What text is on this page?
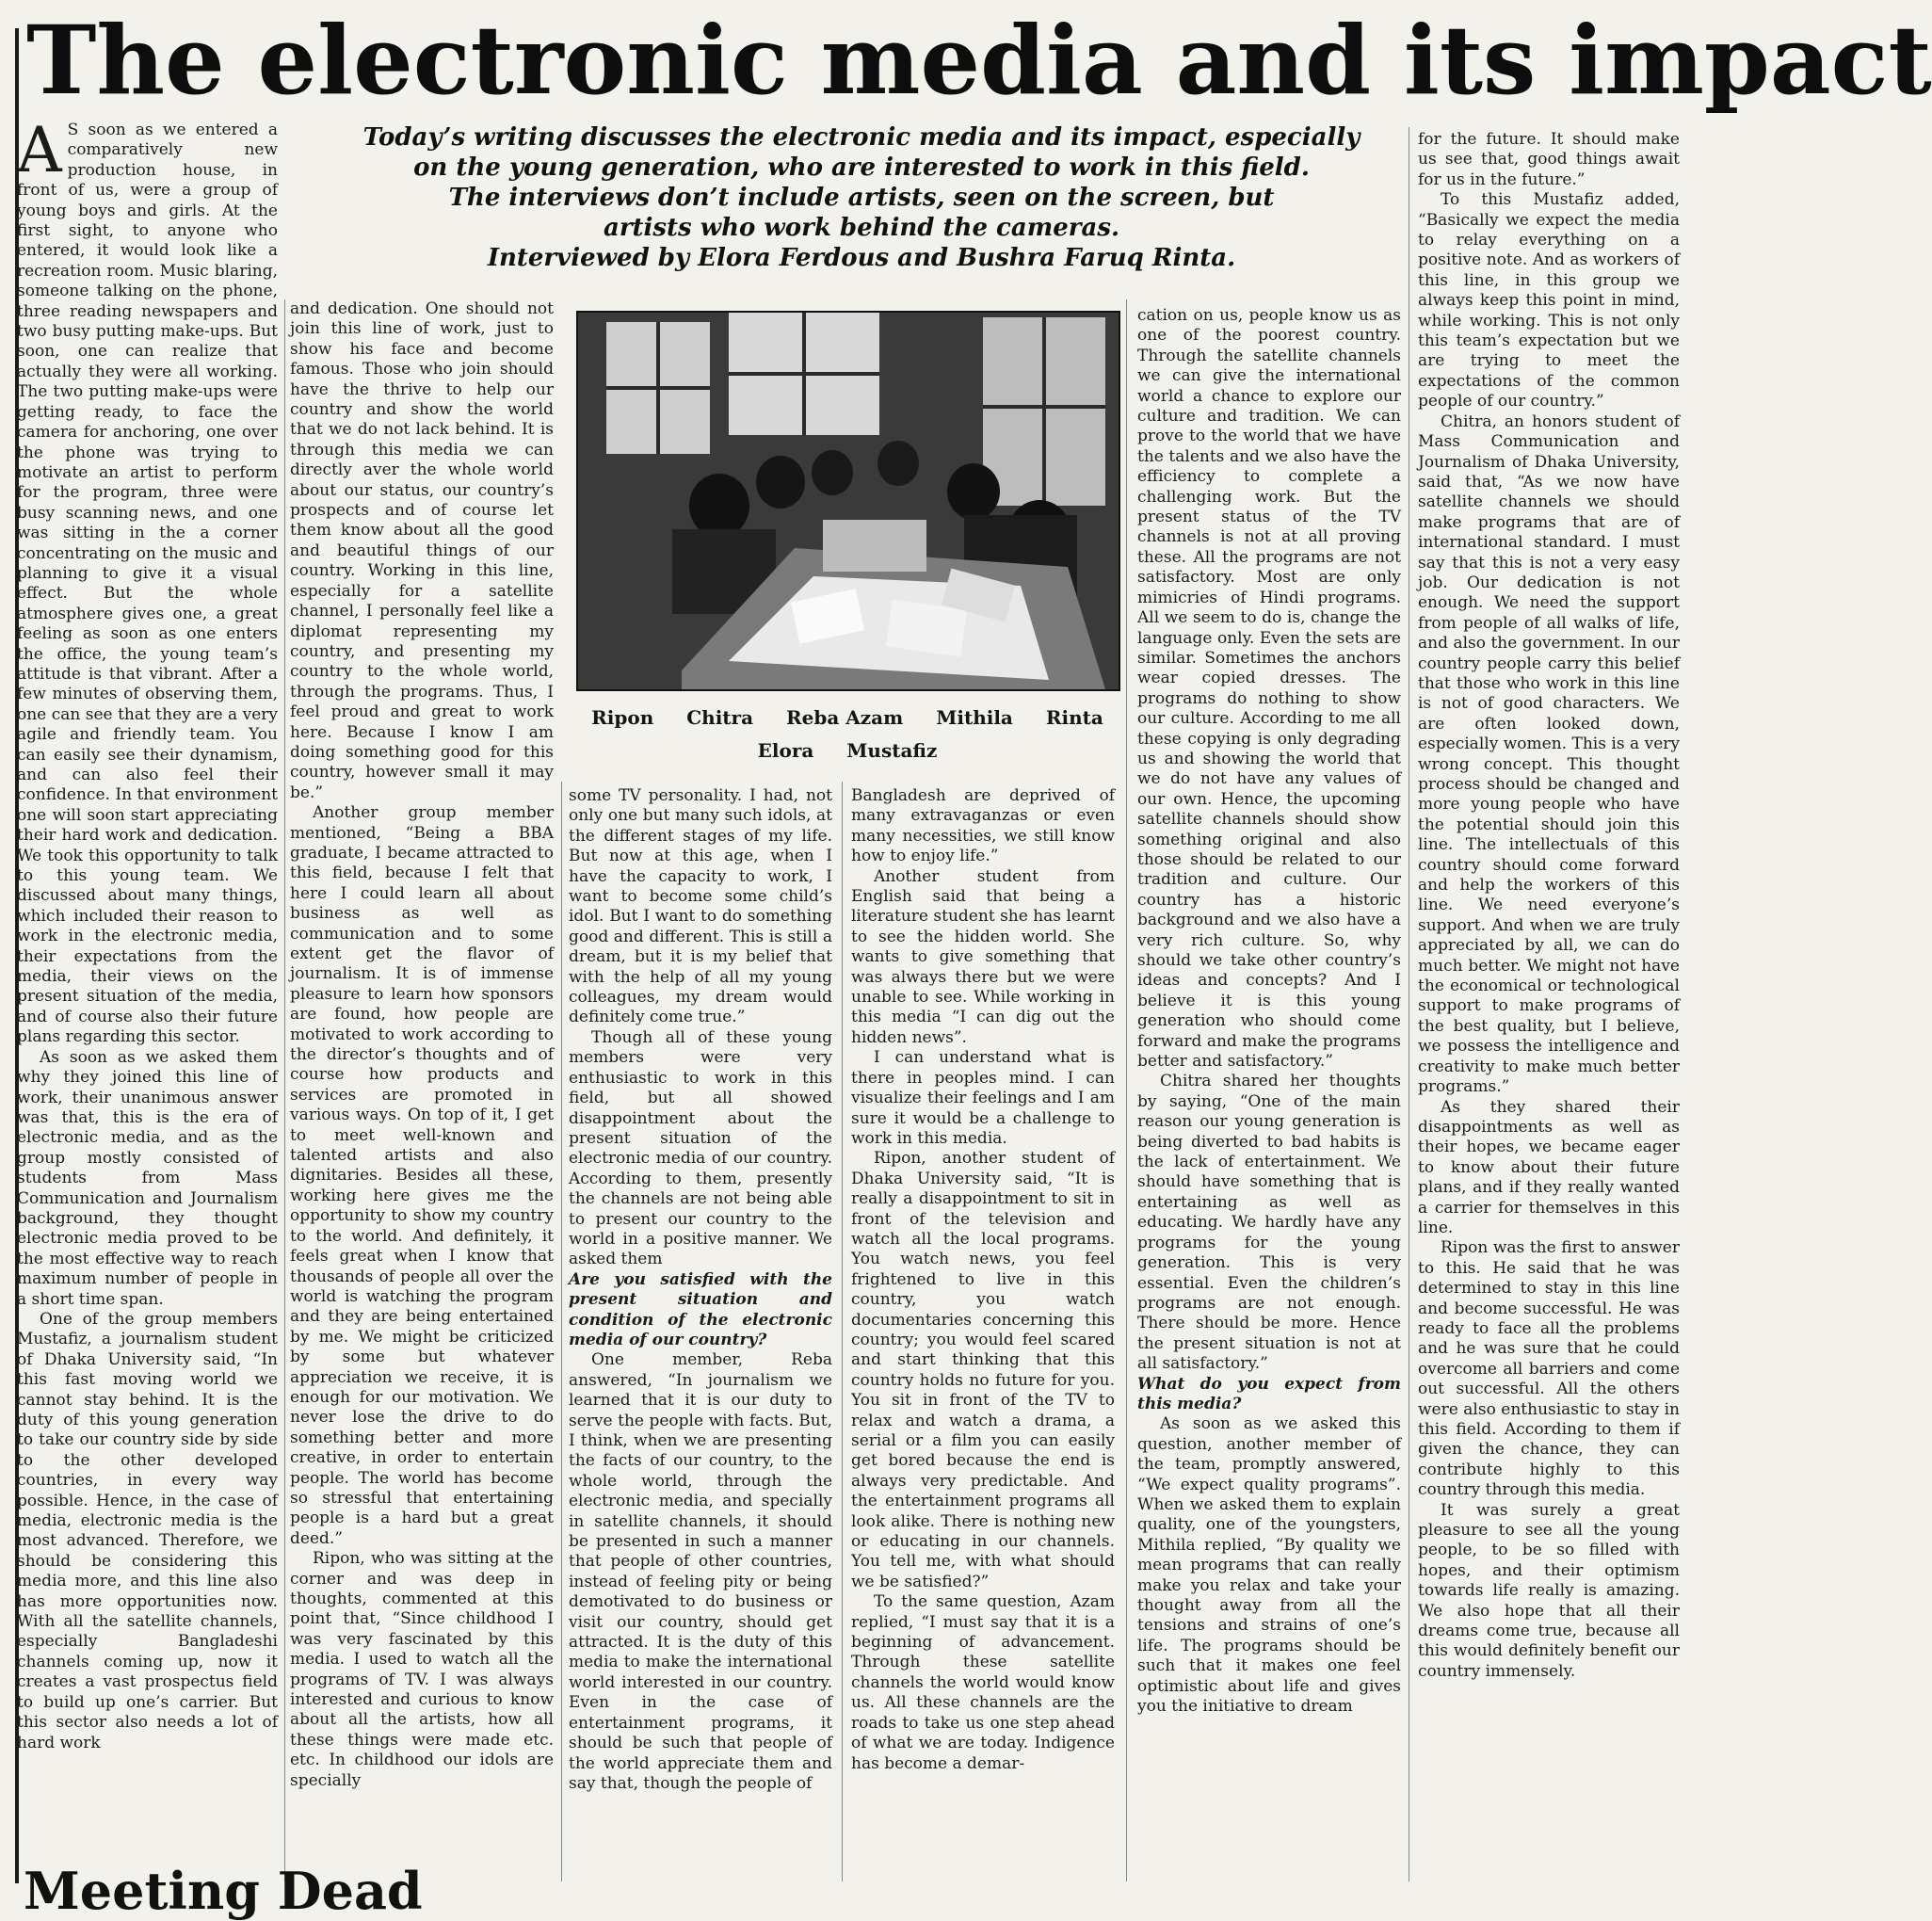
The electronic media and its impact
Today’s writing discusses the electronic media and its impact, especially
on the young generation, who are interested to work in this field.
The interviews don’t include artists, seen on the screen, but
artists who work behind the cameras.
Interviewed by Elora Ferdous and Bushra Faruq Rinta.

A S soon as we entered a comparatively new production house, in front of us, were a group of young boys and girls. At the first sight, to anyone who entered, it would look like a recreation room. Music blaring, someone talking on the phone, three reading newspapers and two busy putting make-ups. But soon, one can realize that actually they were all working. The two putting make-ups were getting ready, to face the camera for anchoring, one over the phone was trying to motivate an artist to perform for the program, three were busy scanning news, and one was sitting in the a corner concentrating on the music and planning to give it a visual effect. But the whole atmosphere gives one, a great feeling as soon as one enters the office, the young team’s attitude is that vibrant. After a few minutes of observing them, one can see that they are a very agile and friendly team. You can easily see their dynamism, and can also feel their confidence. In that environment one will soon start appreciating their hard work and dedication. We took this opportunity to talk to this young team. We discussed about many things, which included their reason to work in the electronic media, their expectations from the media, their views on the present situation of the media, and of course also their future plans regarding this sector.

As soon as we asked them why they joined this line of work, their unanimous answer was that, this is the era of electronic media, and as the group mostly consisted of students from Mass Communication and Journalism background, they thought electronic media proved to be the most effective way to reach maximum number of people in a short time span.

One of the group members Mustafiz, a journalism student of Dhaka University said, “In this fast moving world we cannot stay behind. It is the duty of this young generation to take our country side by side to the other developed countries, in every way possible. Hence, in the case of media, electronic media is the most advanced. Therefore, we should be considering this media more, and this line also has more opportunities now. With all the satellite channels, especially Bangladeshi channels coming up, now it creates a vast prospectus field to build up one’s carrier. But this sector also needs a lot of hard work

and dedication. One should not join this line of work, just to show his face and become famous. Those who join should have the thrive to help our country and show the world that we do not lack behind. It is through this media we can directly aver the whole world about our status, our country’s prospects and of course let them know about all the good and beautiful things of our country. Working in this line, especially for a satellite channel, I personally feel like a diplomat representing my country, and presenting my country to the whole world, through the programs. Thus, I feel proud and great to work here. Because I know I am doing something good for this country, however small it may be.”

Another group member mentioned, “Being a BBA graduate, I became attracted to this field, because I felt that here I could learn all about business as well as communication and to some extent get the flavor of journalism. It is of immense pleasure to learn how sponsors are found, how people are motivated to work according to the director’s thoughts and of course how products and services are promoted in various ways. On top of it, I get to meet well-known and talented artists and also dignitaries. Besides all these, working here gives me the opportunity to show my country to the world. And definitely, it feels great when I know that thousands of people all over the world is watching the program and they are being entertained by me. We might be criticized by some but whatever appreciation we receive, it is enough for our motivation. We never lose the drive to do something better and more creative, in order to entertain people. The world has become so stressful that entertaining people is a hard but a great deed.”

Ripon, who was sitting at the corner and was deep in thoughts, commented at this point that, “Since childhood I was very fascinated by this media. I used to watch all the programs of TV. I was always interested and curious to know about all the artists, how all these things were made etc. etc. In childhood our idols are specially

Ripon Chitra Reba Azam Mithila Rinta
Elora Mustafiz

some TV personality. I had, not only one but many such idols, at the different stages of my life. But now at this age, when I have the capacity to work, I want to become some child’s idol. But I want to do something good and different. This is still a dream, but it is my belief that with the help of all my young colleagues, my dream would definitely come true.”

Though all of these young members were very enthusiastic to work in this field, but all showed disappointment about the present situation of the electronic media of our country. According to them, presently the channels are not being able to present our country to the world in a positive manner. We asked them

Are you satisfied with the present situation and condition of the electronic media of our country?

One member, Reba answered, “In journalism we learned that it is our duty to serve the people with facts. But, I think, when we are presenting the facts of our country, to the whole world, through the electronic media, and specially in satellite channels, it should be presented in such a manner that people of other countries, instead of feeling pity or being demotivated to do business or visit our country, should get attracted. It is the duty of this media to make the international world interested in our country. Even in the case of entertainment programs, it should be such that people of the world appreciate them and say that, though the people of

Bangladesh are deprived of many extravaganzas or even many necessities, we still know how to enjoy life.”

Another student from English said that being a literature student she has learnt to see the hidden world. She wants to give something that was always there but we were unable to see. While working in this media “I can dig out the hidden news”.

I can understand what is there in peoples mind. I can visualize their feelings and I am sure it would be a challenge to work in this media.

Ripon, another student of Dhaka University said, “It is really a disappointment to sit in front of the television and watch all the local programs. You watch news, you feel frightened to live in this country, you watch documentaries concerning this country; you would feel scared and start thinking that this country holds no future for you. You sit in front of the TV to relax and watch a drama, a serial or a film you can easily get bored because the end is always very predictable. And the entertainment programs all look alike. There is nothing new or educating in our channels. You tell me, with what should we be satisfied?”

To the same question, Azam replied, “I must say that it is a beginning of advancement. Through these satellite channels the world would know us. All these channels are the roads to take us one step ahead of what we are today. Indigence has become a demar-

cation on us, people know us as one of the poorest country. Through the satellite channels we can give the international world a chance to explore our culture and tradition. We can prove to the world that we have the talents and we also have the efficiency to complete a challenging work. But the present status of the TV channels is not at all proving these. All the programs are not satisfactory. Most are only mimicries of Hindi programs. All we seem to do is, change the language only. Even the sets are similar. Sometimes the anchors wear copied dresses. The programs do nothing to show our culture. According to me all these copying is only degrading us and showing the world that we do not have any values of our own. Hence, the upcoming satellite channels should show something original and also those should be related to our tradition and culture. Our country has a historic background and we also have a very rich culture. So, why should we take other country’s ideas and concepts? And I believe it is this young generation who should come forward and make the programs better and satisfactory.”

Chitra shared her thoughts by saying, “One of the main reason our young generation is being diverted to bad habits is the lack of entertainment. We should have something that is entertaining as well as educating. We hardly have any programs for the young generation. This is very essential. Even the children’s programs are not enough. There should be more. Hence the present situation is not at all satisfactory.”

What do you expect from this media?

As soon as we asked this question, another member of the team, promptly answered, “We expect quality programs”. When we asked them to explain quality, one of the youngsters, Mithila replied, “By quality we mean programs that can really make you relax and take your thought away from all the tensions and strains of one’s life. The programs should be such that it makes one feel optimistic about life and gives you the initiative to dream

for the future. It should make us see that, good things await for us in the future.”

To this Mustafiz added, “Basically we expect the media to relay everything on a positive note. And as workers of this line, in this group we always keep this point in mind, while working. This is not only this team’s expectation but we are trying to meet the expectations of the common people of our country.”

Chitra, an honors student of Mass Communication and Journalism of Dhaka University, said that, “As we now have satellite channels we should make programs that are of international standard. I must say that this is not a very easy job. Our dedication is not enough. We need the support from people of all walks of life, and also the government. In our country people carry this belief that those who work in this line is not of good characters. We are often looked down, especially women. This is a very wrong concept. This thought process should be changed and more young people who have the potential should join this line. The intellectuals of this country should come forward and help the workers of this line. We need everyone’s support. And when we are truly appreciated by all, we can do much better. We might not have the economical or technological support to make programs of the best quality, but I believe, we possess the intelligence and creativity to make much better programs.”

As they shared their disappointments as well as their hopes, we became eager to know about their future plans, and if they really wanted a carrier for themselves in this line.

Ripon was the first to answer to this. He said that he was determined to stay in this line and become successful. He was ready to face all the problems and he was sure that he could overcome all barriers and come out successful. All the others were also enthusiastic to stay in this field. According to them if given the chance, they can contribute highly to this country through this media.

It was surely a great pleasure to see all the young people, to be so filled with hopes, and their optimism towards life really is amazing. We also hope that all their dreams come true, because all this would definitely benefit our country immensely.

Meeting Dead
